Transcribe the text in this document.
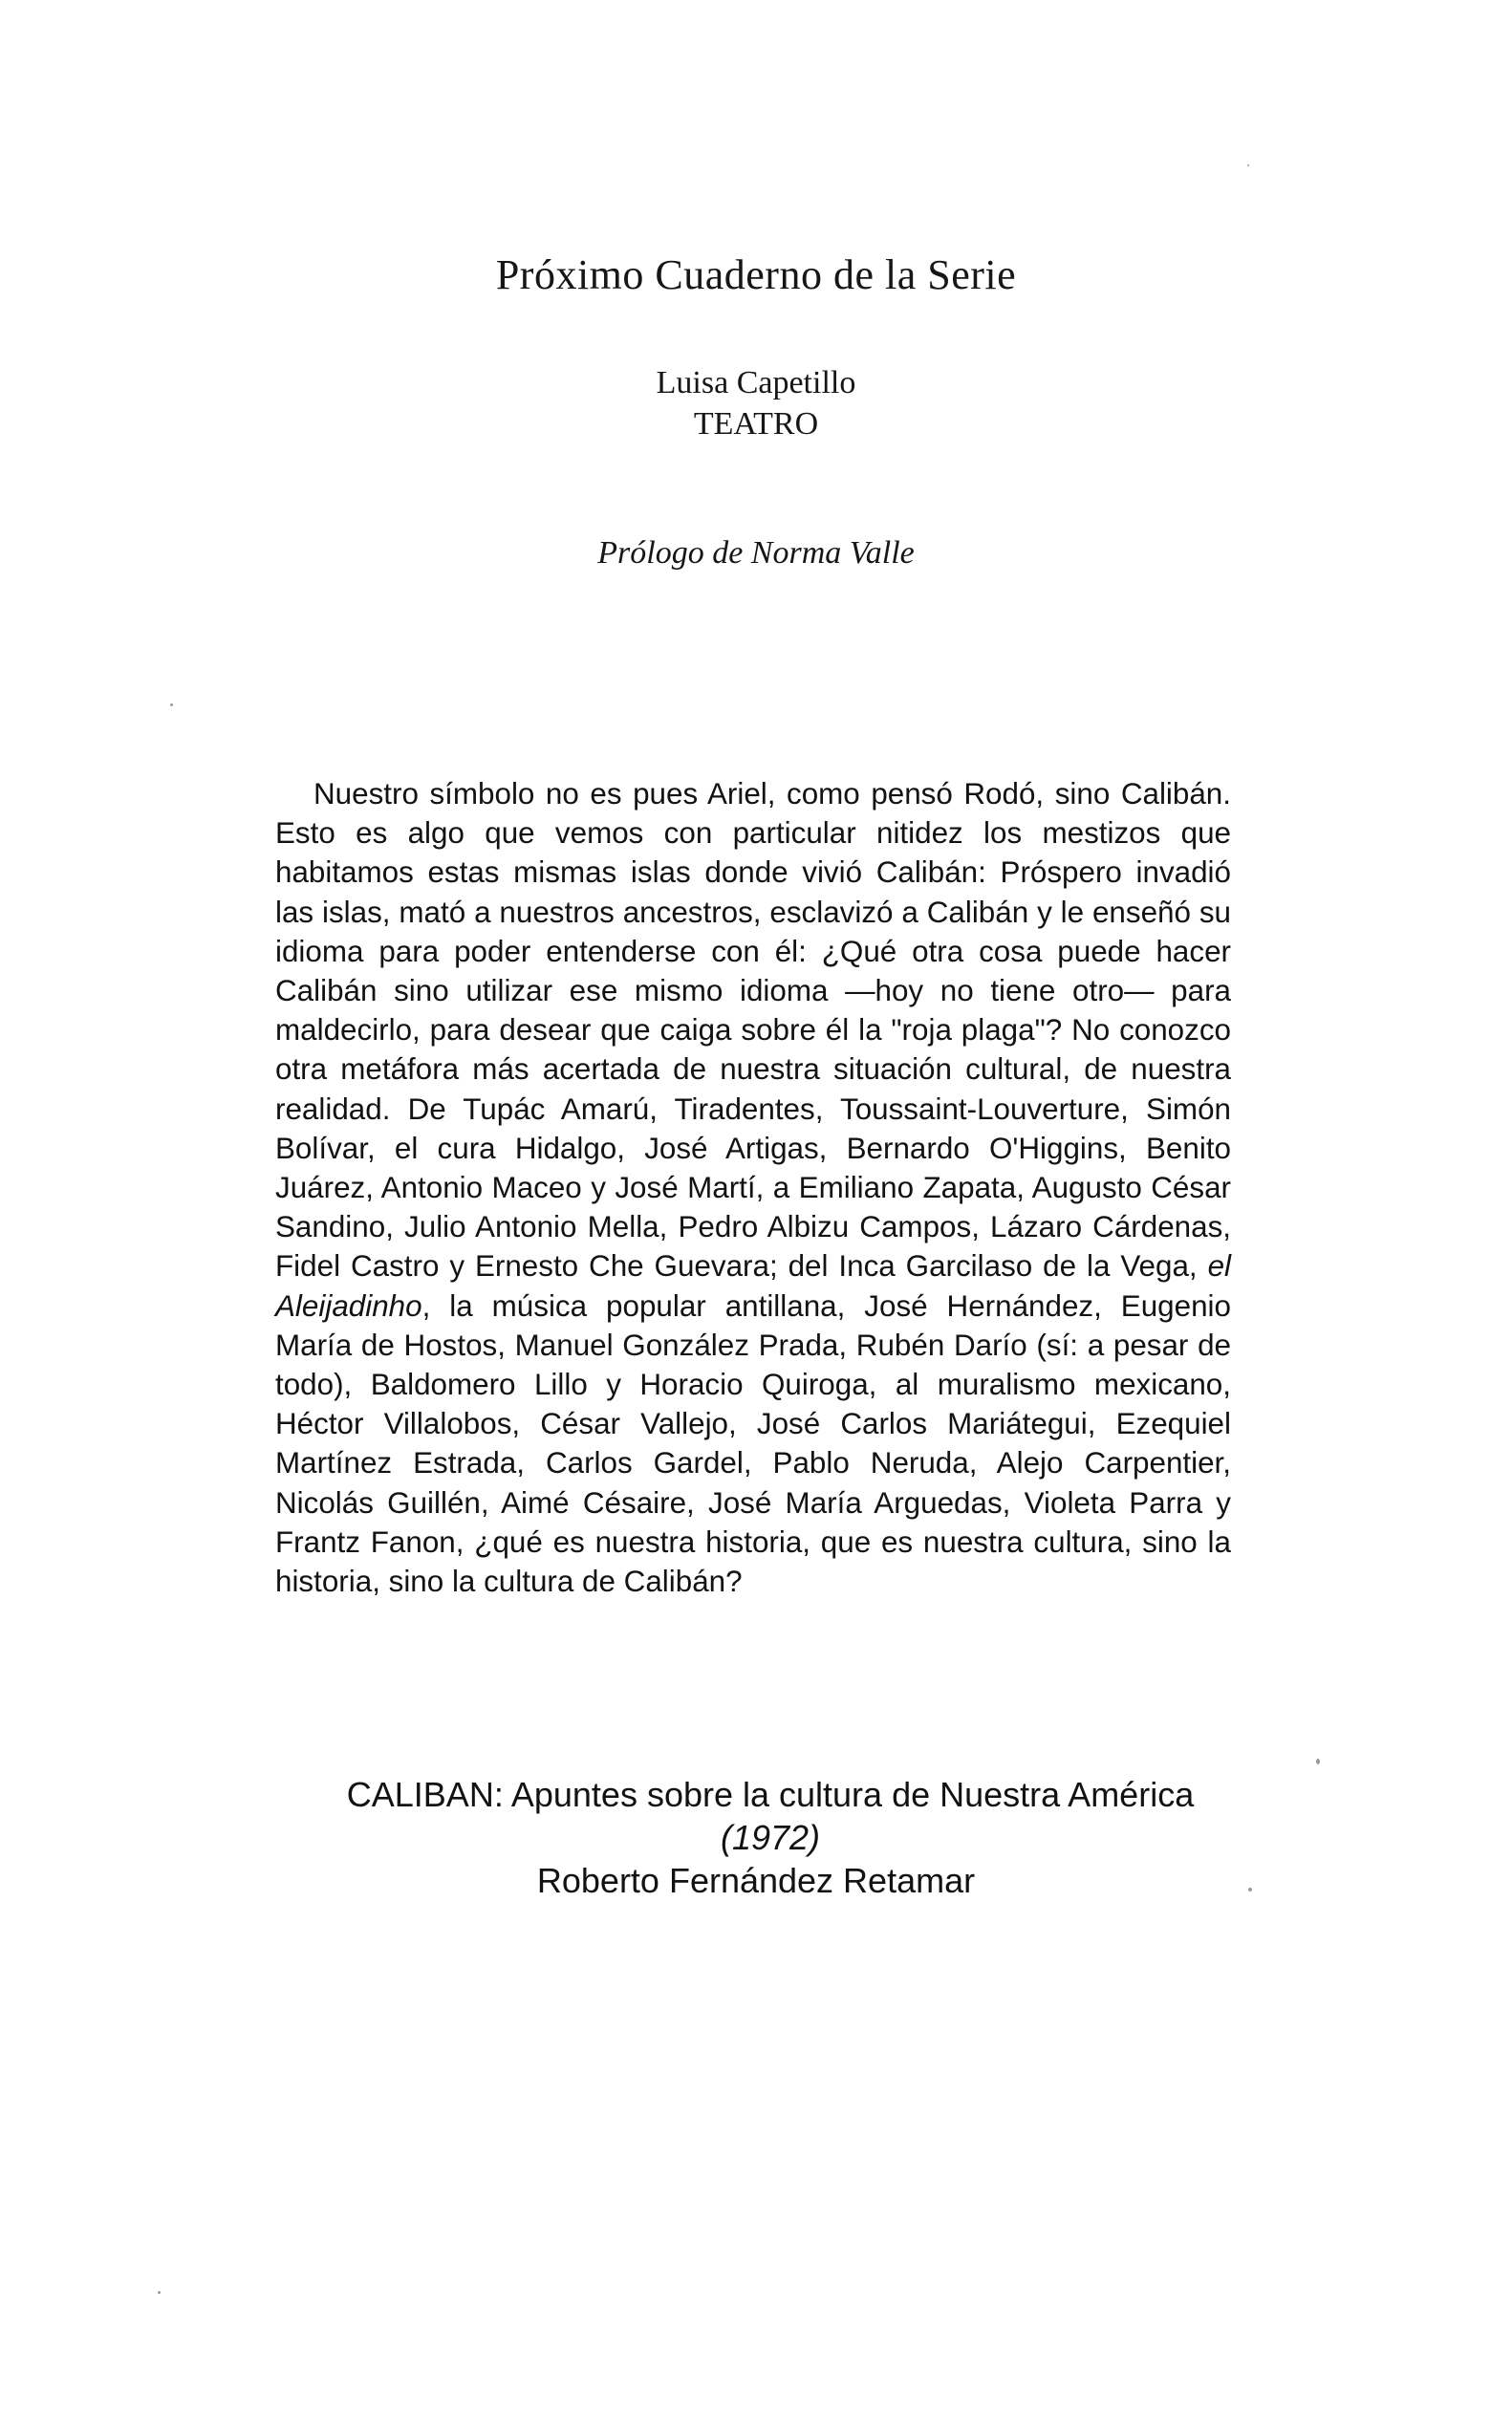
Próximo Cuaderno de la Serie
Luisa Capetillo
TEATRO
Prólogo de Norma Valle

Nuestro símbolo no es pues Ariel, como pensó Rodó, sino Calibán. Esto es algo que vemos con particular nitidez los mestizos que habitamos estas mismas islas donde vivió Calibán: Próspero invadió las islas, mató a nuestros ancestros, esclavizó a Calibán y le enseñó su idioma para poder entenderse con él: ¿Qué otra cosa puede hacer Calibán sino utilizar ese mismo idioma —hoy no tiene otro— para maldecirlo, para desear que caiga sobre él la "roja plaga"? No conozco otra metáfora más acertada de nuestra situación cultural, de nuestra realidad. De Tupác Amarú, Tiradentes, Toussaint-Louverture, Simón Bolívar, el cura Hidalgo, José Artigas, Bernardo O'Higgins, Benito Juárez, Antonio Maceo y José Martí, a Emiliano Zapata, Augusto César Sandino, Julio Antonio Mella, Pedro Albizu Campos, Lázaro Cárdenas, Fidel Castro y Ernesto Che Guevara; del Inca Garcilaso de la Vega, el Aleijadinho, la música popular antillana, José Hernández, Eugenio María de Hostos, Manuel González Prada, Rubén Darío (sí: a pesar de todo), Baldomero Lillo y Horacio Quiroga, al muralismo mexicano, Héctor Villalobos, César Vallejo, José Carlos Mariátegui, Ezequiel Martínez Estrada, Carlos Gardel, Pablo Neruda, Alejo Carpentier, Nicolás Guillén, Aimé Césaire, José María Arguedas, Violeta Parra y Frantz Fanon, ¿qué es nuestra historia, que es nuestra cultura, sino la historia, sino la cultura de Calibán?

CALIBAN: Apuntes sobre la cultura de Nuestra América
(1972)
Roberto Fernández Retamar
